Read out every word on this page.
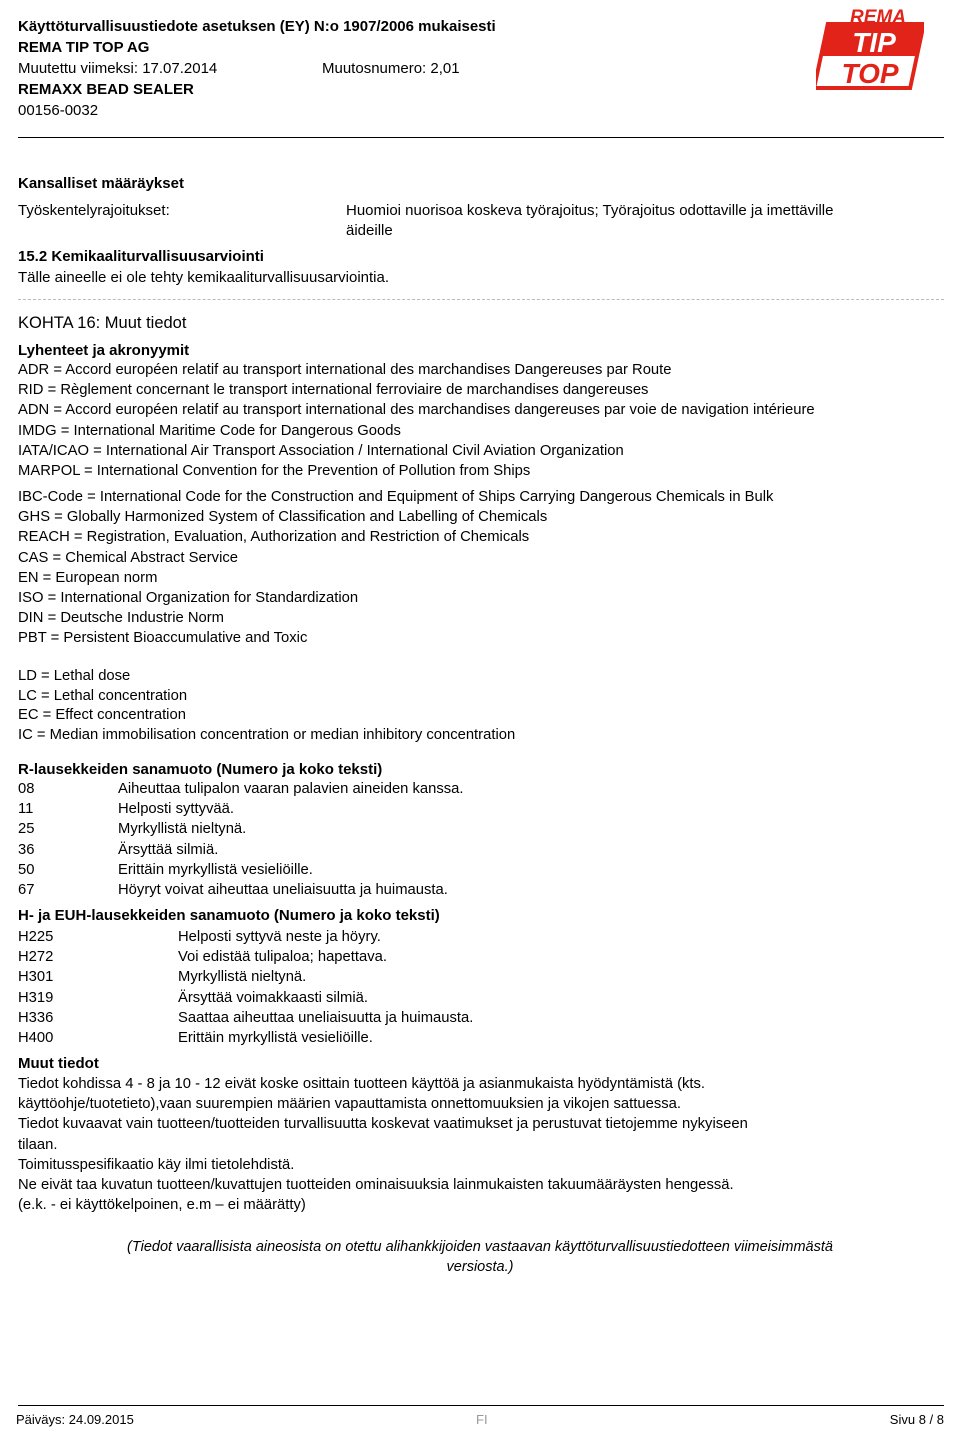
Käyttöturvallisuustiedote asetuksen (EY) N:o 1907/2006 mukaisesti
REMA TIP TOP AG
Muutettu viimeksi: 17.07.2014	Muutosnumero: 2,01
REMAXX BEAD SEALER
00156-0032
REMA
TIP
TOP
Kansalliset määräykset
Työskentelyrajoitukset:	Huomioi nuorisoa koskeva työrajoitus; Työrajoitus odottaville ja imettäville
äideille
15.2 Kemikaaliturvallisuusarviointi
Tälle aineelle ei ole tehty kemikaaliturvallisuusarviointia.
KOHTA 16: Muut tiedot
Lyhenteet ja akronyymit
ADR = Accord européen relatif au transport international des marchandises Dangereuses par Route
RID = Règlement concernant le transport international ferroviaire de marchandises dangereuses
ADN = Accord européen relatif au transport international des marchandises dangereuses par voie de navigation intérieure
IMDG = International Maritime Code for Dangerous Goods
IATA/ICAO = International Air Transport Association / International Civil Aviation Organization
MARPOL = International Convention for the Prevention of Pollution from Ships
IBC-Code = International Code for the Construction and Equipment of Ships Carrying Dangerous Chemicals in Bulk
GHS = Globally Harmonized System of Classification and Labelling of Chemicals
REACH = Registration, Evaluation, Authorization and Restriction of Chemicals
CAS = Chemical Abstract Service
EN = European norm
ISO = International Organization for Standardization
DIN = Deutsche Industrie Norm
PBT = Persistent Bioaccumulative and Toxic
LD = Lethal dose
LC = Lethal concentration
EC = Effect concentration
IC = Median immobilisation concentration or median inhibitory concentration
R-lausekkeiden sanamuoto (Numero ja koko teksti)
08	Aiheuttaa tulipalon vaaran palavien aineiden kanssa.
11	Helposti syttyvää.
25	Myrkyllistä nieltynä.
36	Ärsyttää silmiä.
50	Erittäin myrkyllistä vesieliöille.
67	Höyryt voivat aiheuttaa uneliaisuutta ja huimausta.
H- ja EUH-lausekkeiden sanamuoto (Numero ja koko teksti)
H225	Helposti syttyvä neste ja höyry.
H272	Voi edistää tulipaloa; hapettava.
H301	Myrkyllistä nieltynä.
H319	Ärsyttää voimakkaasti silmiä.
H336	Saattaa aiheuttaa uneliaisuutta ja huimausta.
H400	Erittäin myrkyllistä vesieliöille.
Muut tiedot
Tiedot kohdissa 4 - 8 ja 10 - 12 eivät koske osittain tuotteen käyttöä ja asianmukaista hyödyntämistä (kts.
käyttöohje/tuotetieto),vaan suurempien määrien vapauttamista onnettomuuksien ja vikojen sattuessa.
Tiedot kuvaavat vain tuotteen/tuotteiden turvallisuutta koskevat vaatimukset ja perustuvat tietojemme nykyiseen
tilaan.
Toimitusspesifikaatio käy ilmi tietolehdistä.
Ne eivät taa kuvatun tuotteen/kuvattujen tuotteiden ominaisuuksia lainmukaisten takuumääräysten hengessä.
(e.k. - ei käyttökelpoinen, e.m – ei määrätty)
(Tiedot vaarallisista aineosista on otettu alihankkijoiden vastaavan käyttöturvallisuustiedotteen viimeisimmästä
versiosta.)
Päiväys: 24.09.2015	FI	Sivu 8 / 8
